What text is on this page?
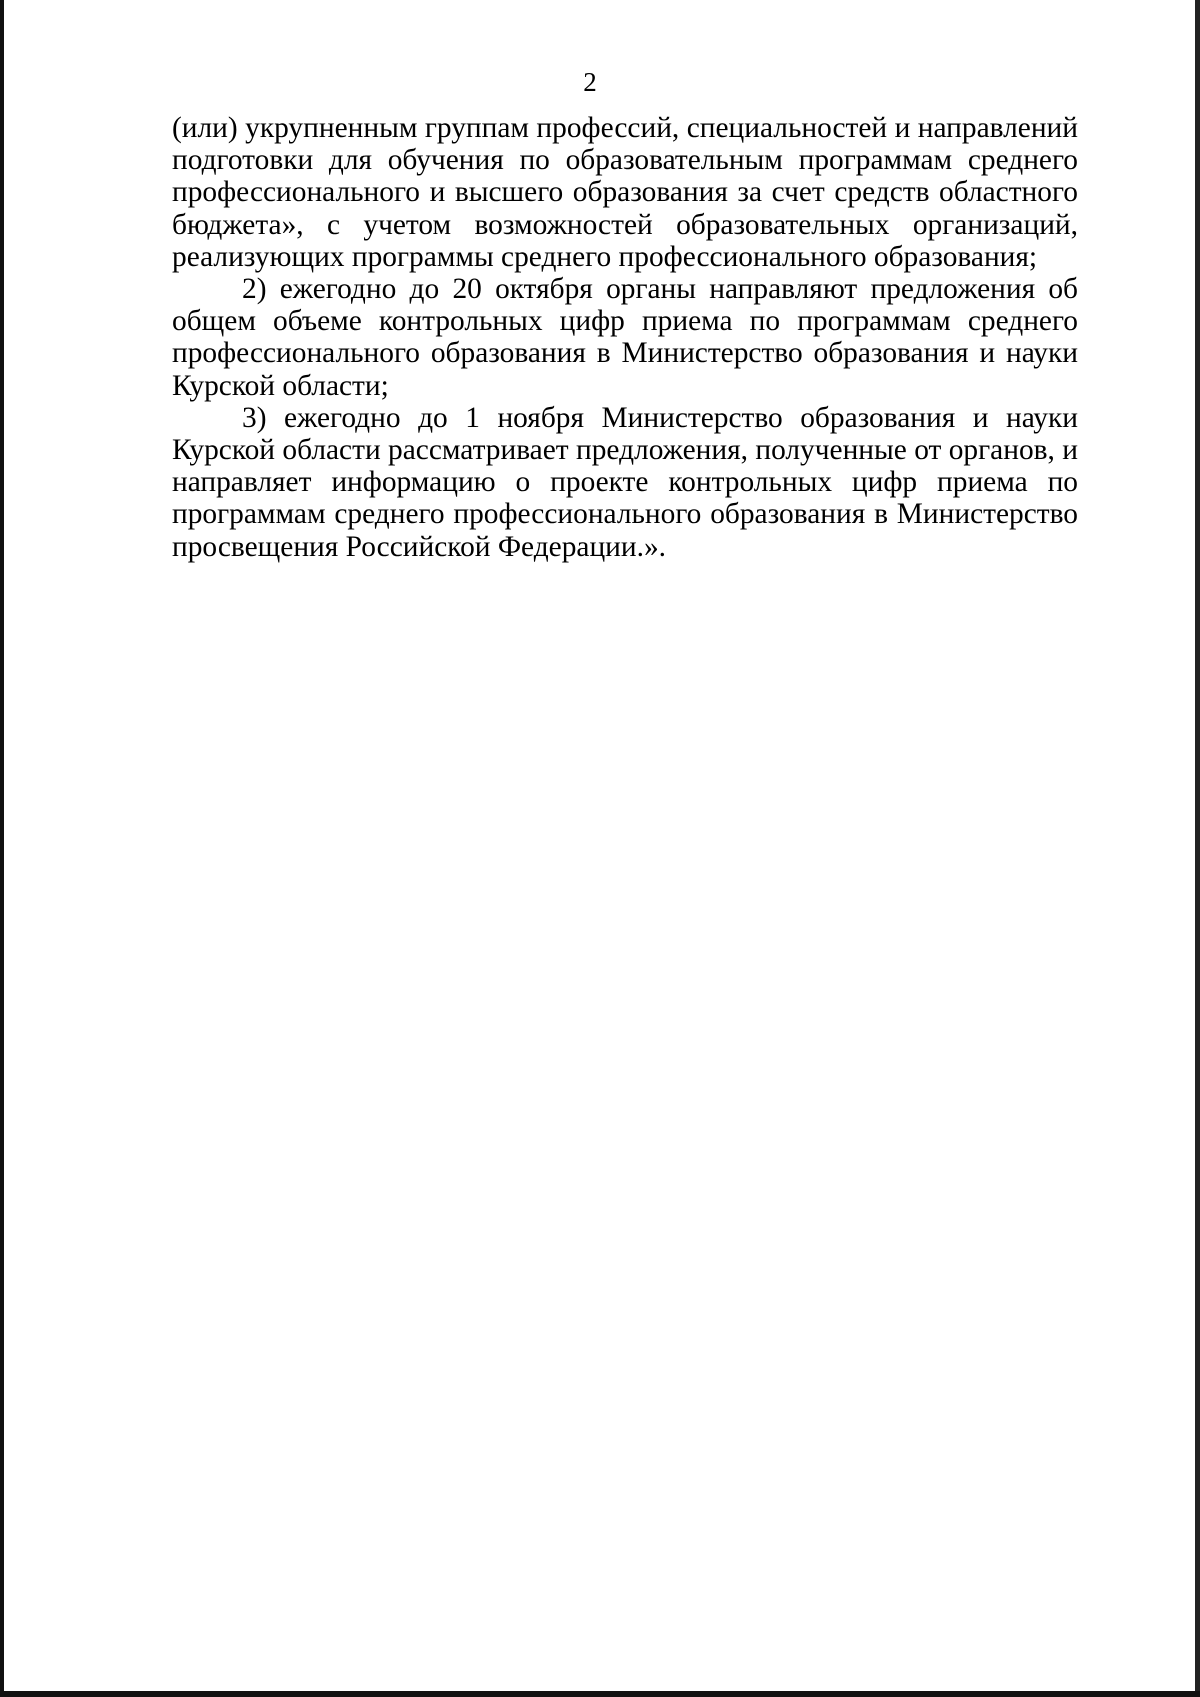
2

(или) укрупненным группам профессий, специальностей и направлений подготовки для обучения по образовательным программам среднего профессионального и высшего образования за счет средств областного бюджета», с учетом возможностей образовательных организаций, реализующих программы среднего профессионального образования;

2) ежегодно до 20 октября органы направляют предложения об общем объеме контрольных цифр приема по программам среднего профессионального образования в Министерство образования и науки Курской области;

3) ежегодно до 1 ноября Министерство образования и науки Курской области рассматривает предложения, полученные от органов, и направляет информацию о проекте контрольных цифр приема по программам среднего профессионального образования в Министерство просвещения Российской Федерации.».
